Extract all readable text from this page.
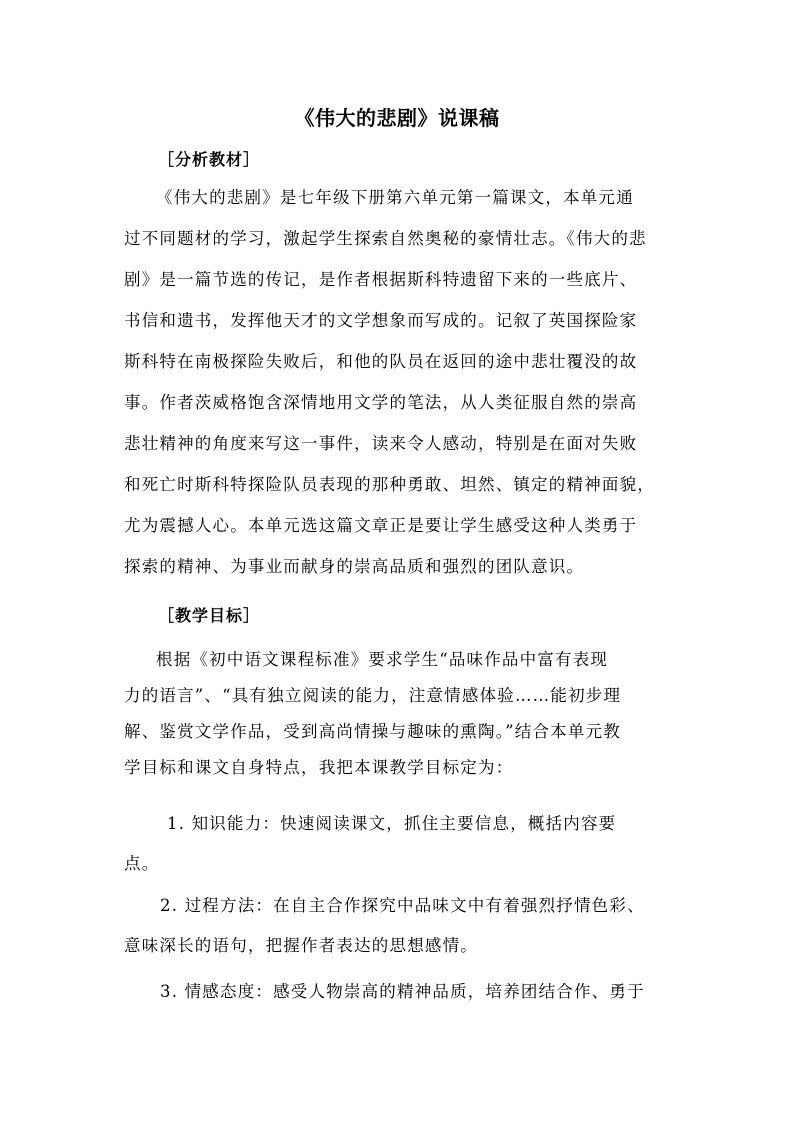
《伟大的悲剧》说课稿
［分析教材］
《伟大的悲剧》是七年级下册第六单元第一篇课文，本单元通
过不同题材的学习，激起学生探索自然奥秘的豪情壮志。《伟大的悲
剧》是一篇节选的传记，是作者根据斯科特遗留下来的一些底片、
书信和遗书，发挥他天才的文学想象而写成的。记叙了英国探险家
斯科特在南极探险失败后，和他的队员在返回的途中悲壮覆没的故
事。作者茨威格饱含深情地用文学的笔法，从人类征服自然的崇高
悲壮精神的角度来写这一事件，读来令人感动，特别是在面对失败
和死亡时斯科特探险队员表现的那种勇敢、坦然、镇定的精神面貌，
尤为震撼人心。本单元选这篇文章正是要让学生感受这种人类勇于
探索的精神、为事业而献身的崇高品质和强烈的团队意识。
［教学目标］
根据《初中语文课程标准》要求学生“品味作品中富有表现
力的语言”、“具有独立阅读的能力，注意情感体验……能初步理
解、鉴赏文学作品，受到高尚情操与趣味的熏陶。”结合本单元教
学目标和课文自身特点，我把本课教学目标定为：
1. 知识能力：快速阅读课文，抓住主要信息，概括内容要
点。
2. 过程方法：在自主合作探究中品味文中有着强烈抒情色彩、
意味深长的语句，把握作者表达的思想感情。
3. 情感态度：感受人物崇高的精神品质，培养团结合作、勇于
